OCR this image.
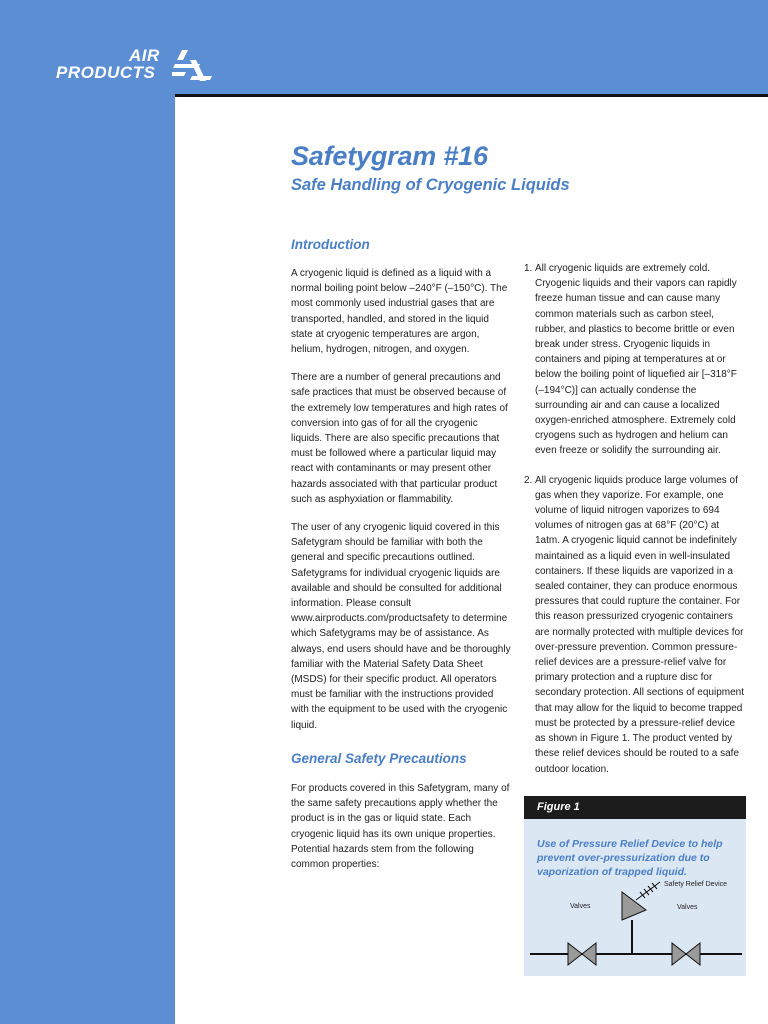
AIR
PRODUCTS
Safetygram #16
Safe Handling of Cryogenic Liquids
Introduction

A cryogenic liquid is defined as a liquid with a normal boiling point below –240°F (–150°C). The most commonly used industrial gases that are transported, handled, and stored in the liquid state at cryogenic temperatures are argon, helium, hydrogen, nitrogen, and oxygen.

There are a number of general precautions and safe practices that must be observed because of the extremely low temperatures and high rates of conversion into gas of for all the cryogenic liquids. There are also specific precautions that must be followed where a particular liquid may react with contaminants or may present other hazards associated with that particular product such as asphyxiation or flammability.

The user of any cryogenic liquid covered in this Safetygram should be familiar with both the general and specific precautions outlined. Safetygrams for individual cryogenic liquids are available and should be consulted for additional information. Please consult www.airproducts.com/productsafety to determine which Safetygrams may be of assistance. As always, end users should have and be thoroughly familiar with the Material Safety Data Sheet (MSDS) for their specific product. All operators must be familiar with the instructions provided with the equipment to be used with the cryogenic liquid.

General Safety Precautions

For products covered in this Safetygram, many of the same safety precautions apply whether the product is in the gas or liquid state. Each cryogenic liquid has its own unique properties. Potential hazards stem from the following common properties:

1. All cryogenic liquids are extremely cold. Cryogenic liquids and their vapors can rapidly freeze human tissue and can cause many common materials such as carbon steel, rubber, and plastics to become brittle or even break under stress. Cryogenic liquids in containers and piping at temperatures at or below the boiling point of liquefied air [–318°F (–194°C)] can actually condense the surrounding air and can cause a localized oxygen-enriched atmosphere. Extremely cold cryogens such as hydrogen and helium can even freeze or solidify the surrounding air.

2. All cryogenic liquids produce large volumes of gas when they vaporize. For example, one volume of liquid nitrogen vaporizes to 694 volumes of nitrogen gas at 68°F (20°C) at 1atm. A cryogenic liquid cannot be indefinitely maintained as a liquid even in well-insulated containers. If these liquids are vaporized in a sealed container, they can produce enormous pressures that could rupture the container. For this reason pressurized cryogenic containers are normally protected with multiple devices for over-pressure prevention. Common pressure-relief devices are a pressure-relief valve for primary protection and a rupture disc for secondary protection. All sections of equipment that may allow for the liquid to become trapped must be protected by a pressure-relief device as shown in Figure 1. The product vented by these relief devices should be routed to a safe outdoor location.

Figure 1

Use of Pressure Relief Device to help prevent over-pressurization due to vaporization of trapped liquid.

Safety Relief Device
Valves	Valves
